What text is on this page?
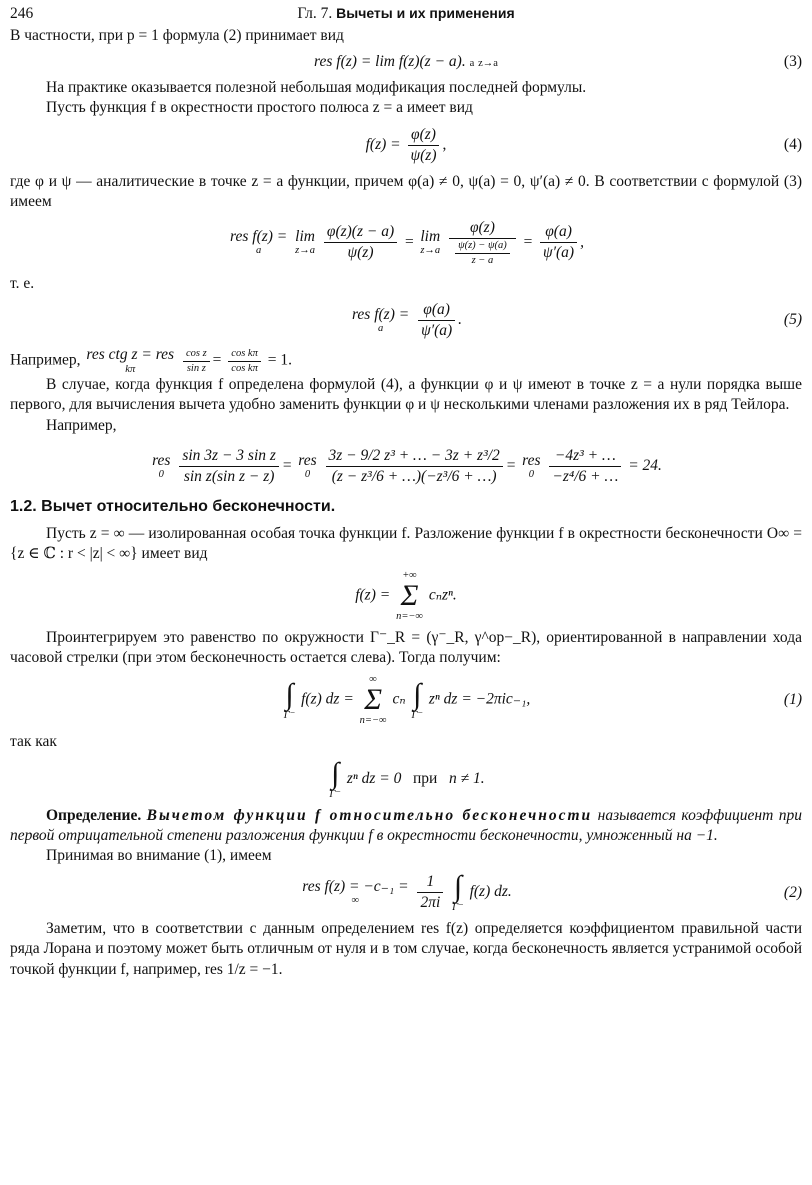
246	Гл. 7. Вычеты и их применения

В частности, при p = 1 формула (2) принимает вид

res f(z) = lim f(z)(z − a). a z→a	(3)

На практике оказывается полезной небольшая модификация последней формулы.

Пусть функция f в окрестности простого полюса z = a имеет вид

$f(z) = \frac{\varphi(z)}{\psi(z)}$ ,	(4)

где φ и ψ — аналитические в точке z = a функции, причем φ(a) ≠ 0, ψ(a) = 0, ψ′(a) ≠ 0. В соответствии с формулой (3) имеем

res f(z) =
a
lim
z→a
$\frac{\varphi(z)(z - a)}{\psi(z)} = \lim$
z→a
$\frac{\varphi(z)}{\frac{\psi(z) - \psi(a)}{z - a}} = \frac{\varphi(a)}{\psi'(a)}$ ,

т. е.

res f(z) =
a
	$\frac{\varphi(a)}{\psi'(a)}$ .	(5)

Например, res ctg z = res
kπ
	$\frac{\text{cos z}}{\text{sin z}} = \frac{\text{cos kπ}}{\text{cos kπ}} = 1$.

В случае, когда функция f определена формулой (4), а функции φ и ψ имеют в точке z = a нули порядка выше первого, для вычисления вычета удобно заменить функции φ и ψ несколькими членами разложения их в ряд Тейлора.

Например,

res
0
$\frac{\text{sin 3z − 3 sin z}}{\text{sin z(sin z − z)}}$ = res
0
$\frac{\text{3z − 9/2 z³ + … − 3z + z³/2}}{\text{(z − z³/6 + …)(−z³/6 + …)}}$ = res
0
$\frac{\text{−4z³ + …}}{\text{−z⁴/6 + …}} = 24$.
1.2. Вычет относительно бесконечности.

Пусть z = ∞ — изолированная особая точка функции f. Разложение функции f в окрестности бесконечности O∞ = {z ∈ ℂ : r < |z| < ∞} имеет вид

f(z) =
+∞
Σ
n=−∞
cₙzⁿ.

Проинтегрируем это равенство по окружности Γ⁻_R = (γ⁻_R, γ^op−_R), ориентированной в направлении хода часовой стрелки (при этом бесконечность остается слева). Тогда получим:

∫
Γ⁻
f(z) dz =
∞
Σ
n=−∞
cₙ ∫
Γ⁻
zⁿ dz = −2πic₋₁,	(1)

так как

∫
Γ⁻
zⁿ dz = 0 при n ≠ 1.

Определение. Вычетом функции f относительно бесконечности называется коэффициент при первой отрицательной степени разложения функции f в окрестности бесконечности, умноженный на −1.

Принимая во внимание (1), имеем

res f(z) = −c₋₁ =
∞
	$\frac{1}{2\pi i}$ ∫
Γ⁻
f(z) dz.	(2)

Заметим, что в соответствии с данным определением res f(z) определяется коэффициентом правильной части ряда Лорана и поэтому может быть отличным от нуля и в том случае, когда бесконечность является устранимой особой точкой функции f, например, res 1/z = −1.
